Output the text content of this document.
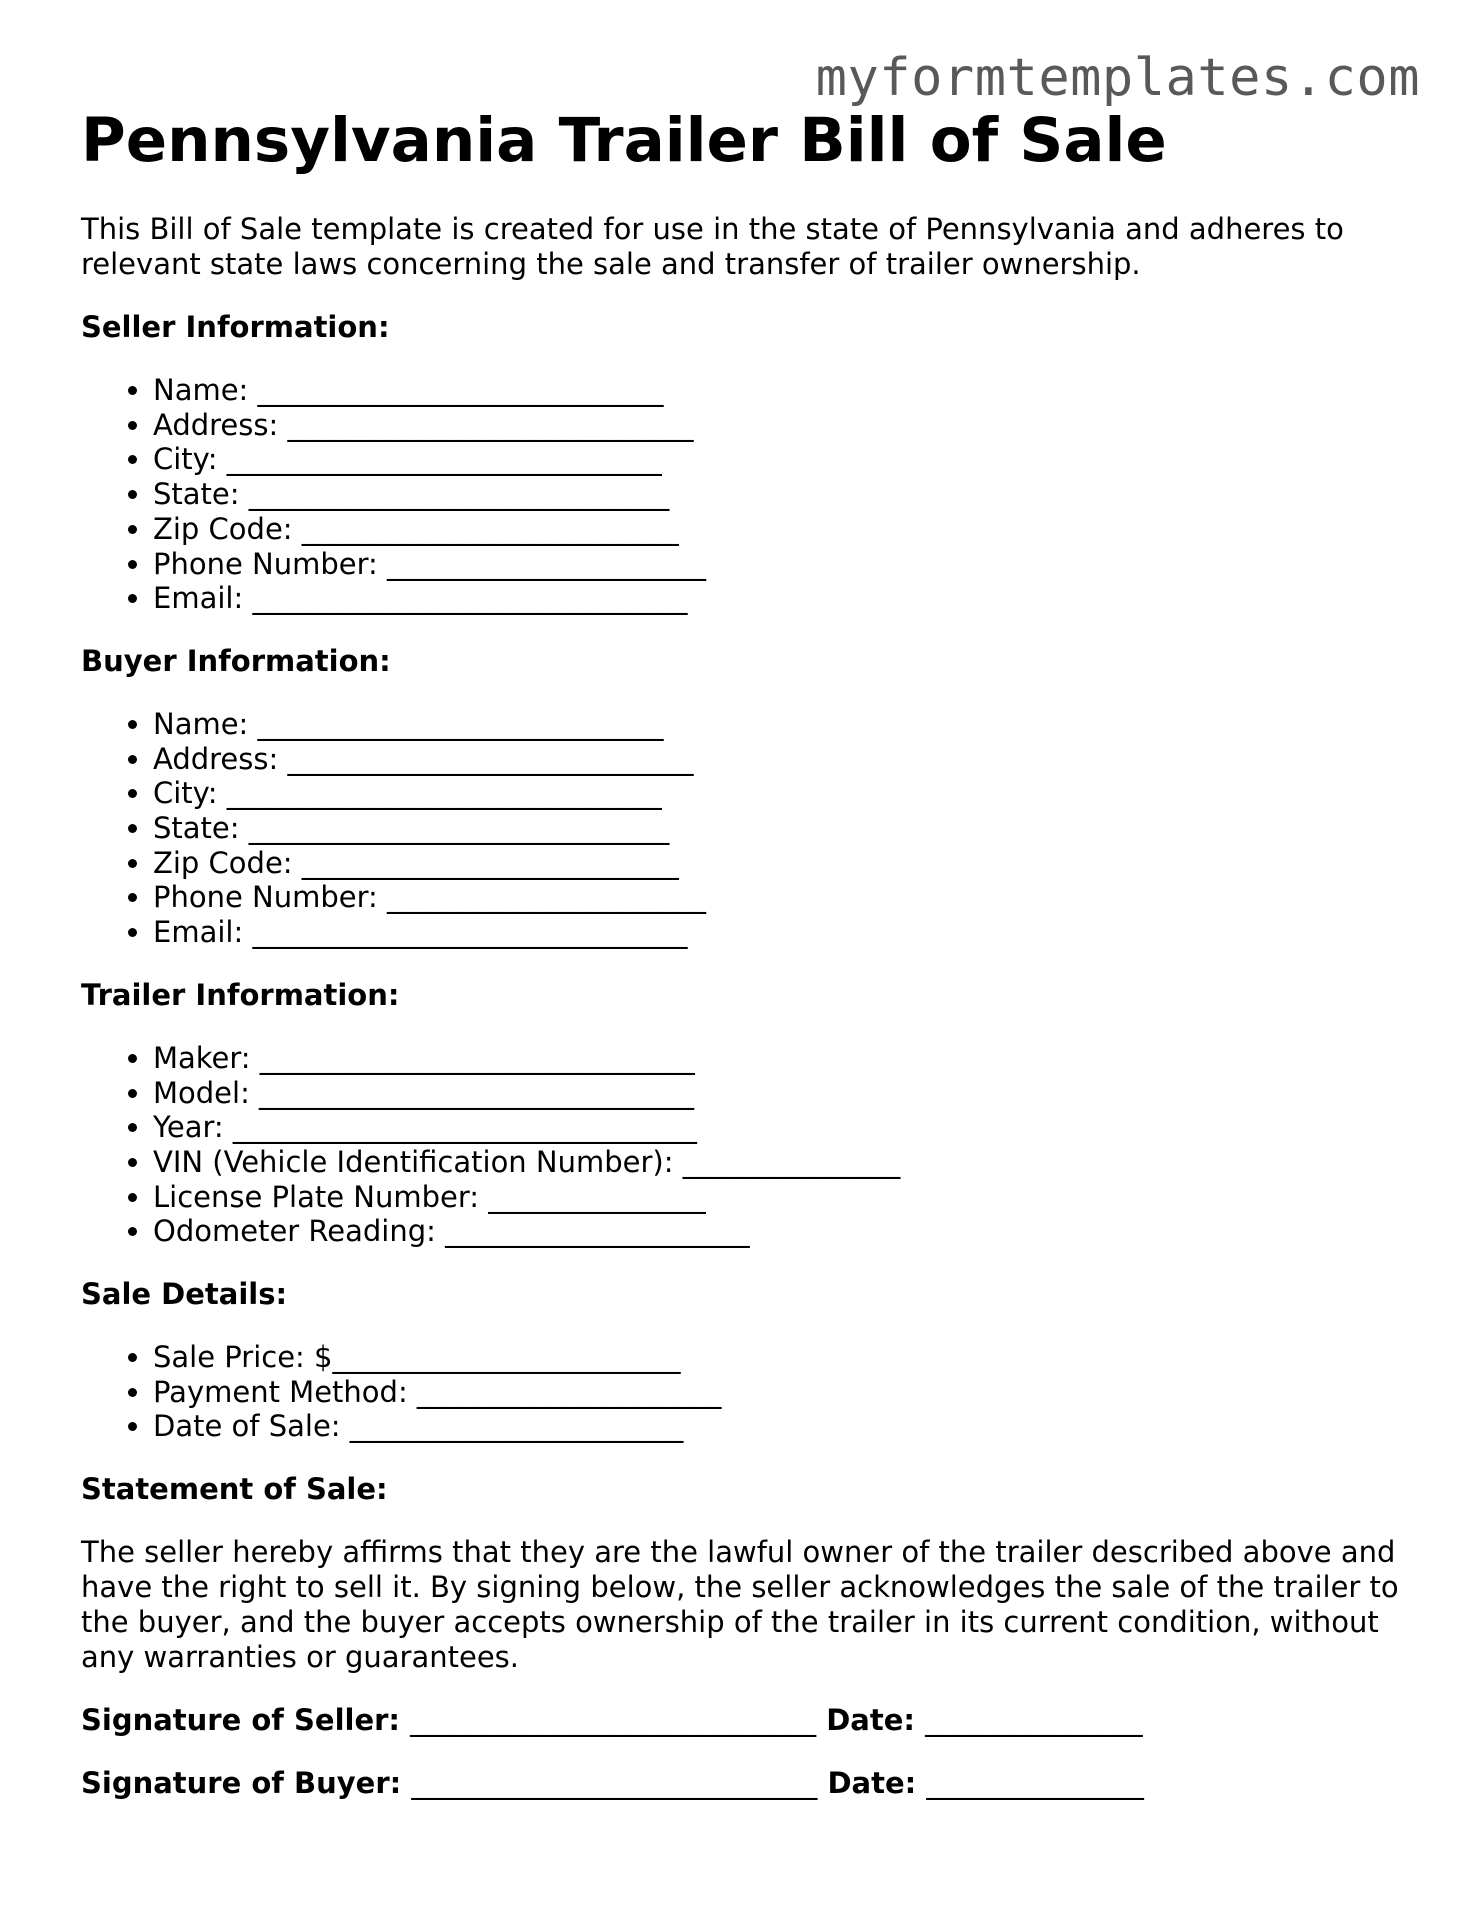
myformtemplates.com
Pennsylvania Trailer Bill of Sale

This Bill of Sale template is created for use in the state of Pennsylvania and adheres to relevant state laws concerning the sale and transfer of trailer ownership.

Seller Information:
• Name: ____________________________
• Address: ____________________________
• City: ______________________________
• State: _____________________________
• Zip Code: __________________________
• Phone Number: ______________________
• Email: ______________________________
Buyer Information:
• Name: ____________________________
• Address: ____________________________
• City: ______________________________
• State: _____________________________
• Zip Code: __________________________
• Phone Number: ______________________
• Email: ______________________________
Trailer Information:
• Maker: ______________________________
• Model: ______________________________
• Year: ________________________________
• VIN (Vehicle Identification Number): _______________
• License Plate Number: _______________
• Odometer Reading: _____________________
Sale Details:
• Sale Price: $________________________
• Payment Method: _____________________
• Date of Sale: _______________________
Statement of Sale:

The seller hereby affirms that they are the lawful owner of the trailer described above and have the right to sell it. By signing below, the seller acknowledges the sale of the trailer to the buyer, and the buyer accepts ownership of the trailer in its current condition, without any warranties or guarantees.

Signature of Seller: ____________________________ Date: _______________
Signature of Buyer: ____________________________ Date: _______________
